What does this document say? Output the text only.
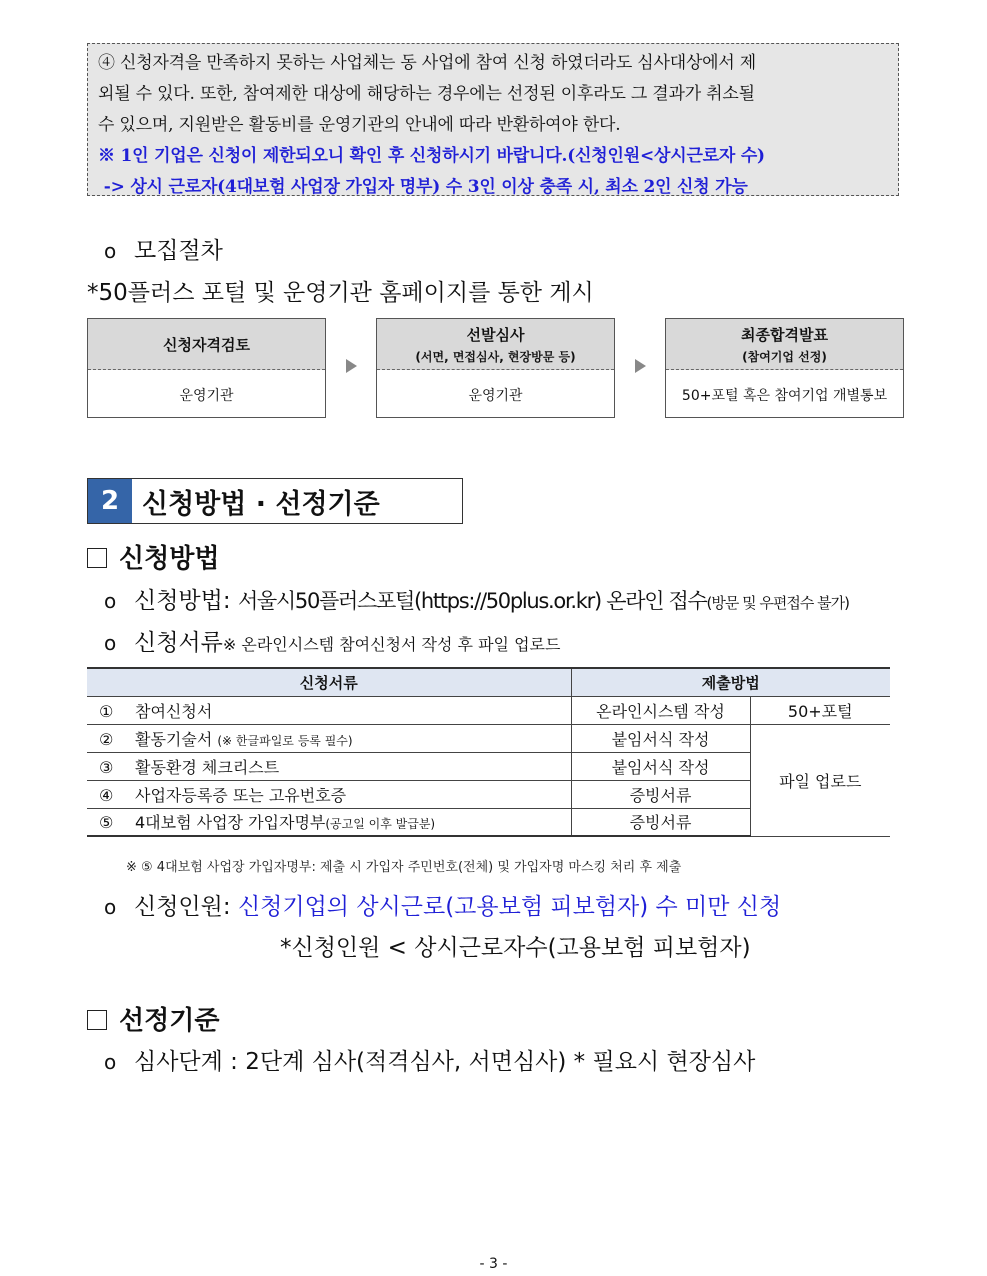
④ 신청자격을 만족하지 못하는 사업체는 동 사업에 참여 신청 하였더라도 심사대상에서 제
외될 수 있다. 또한, 참여제한 대상에 해당하는 경우에는 선정된 이후라도 그 결과가 취소될
수 있으며, 지원받은 활동비를 운영기관의 안내에 따라 반환하여야 한다.
※ 1인 기업은 신청이 제한되오니 확인 후 신청하시기 바랍니다.(신청인원<상시근로자 수)
-> 상시 근로자(4대보험 사업장 가입자 명부) 수 3인 이상 충족 시, 최소 2인 신청 가능
o 모집절차
*50플러스 포털 및 운영기관 홈페이지를 통한 게시
신청자격검토
운영기관
선발심사
(서면, 면접심사, 현장방문 등)
운영기관
최종합격발표
(참여기업 선정)
50+포털 혹은 참여기업 개별통보
2 신청방법 · 선정기준
신청방법
o 신청방법: 서울시50플러스포털(https://50plus.or.kr) 온라인 접수(방문 및 우편접수 불가)
o 신청서류※ 온라인시스템 참여신청서 작성 후 파일 업로드
신청서류	제출방법	
① 참여신청서	온라인시스템 작성	50+포털
② 활동기술서 (※ 한글파일로 등록 필수)	붙임서식 작성	파일 업로드
③ 활동환경 체크리스트	붙임서식 작성	
④ 사업자등록증 또는 고유번호증	증빙서류	
⑤ 4대보험 사업장 가입자명부(공고일 이후 발급분)	증빙서류	
※ ⑤ 4대보험 사업장 가입자명부: 제출 시 가입자 주민번호(전체) 및 가입자명 마스킹 처리 후 제출
o 신청인원: 신청기업의 상시근로(고용보험 피보험자) 수 미만 신청
*신청인원 < 상시근로자수(고용보험 피보험자)
선정기준
o 심사단계 : 2단계 심사(적격심사, 서면심사) * 필요시 현장심사
- 3 -
